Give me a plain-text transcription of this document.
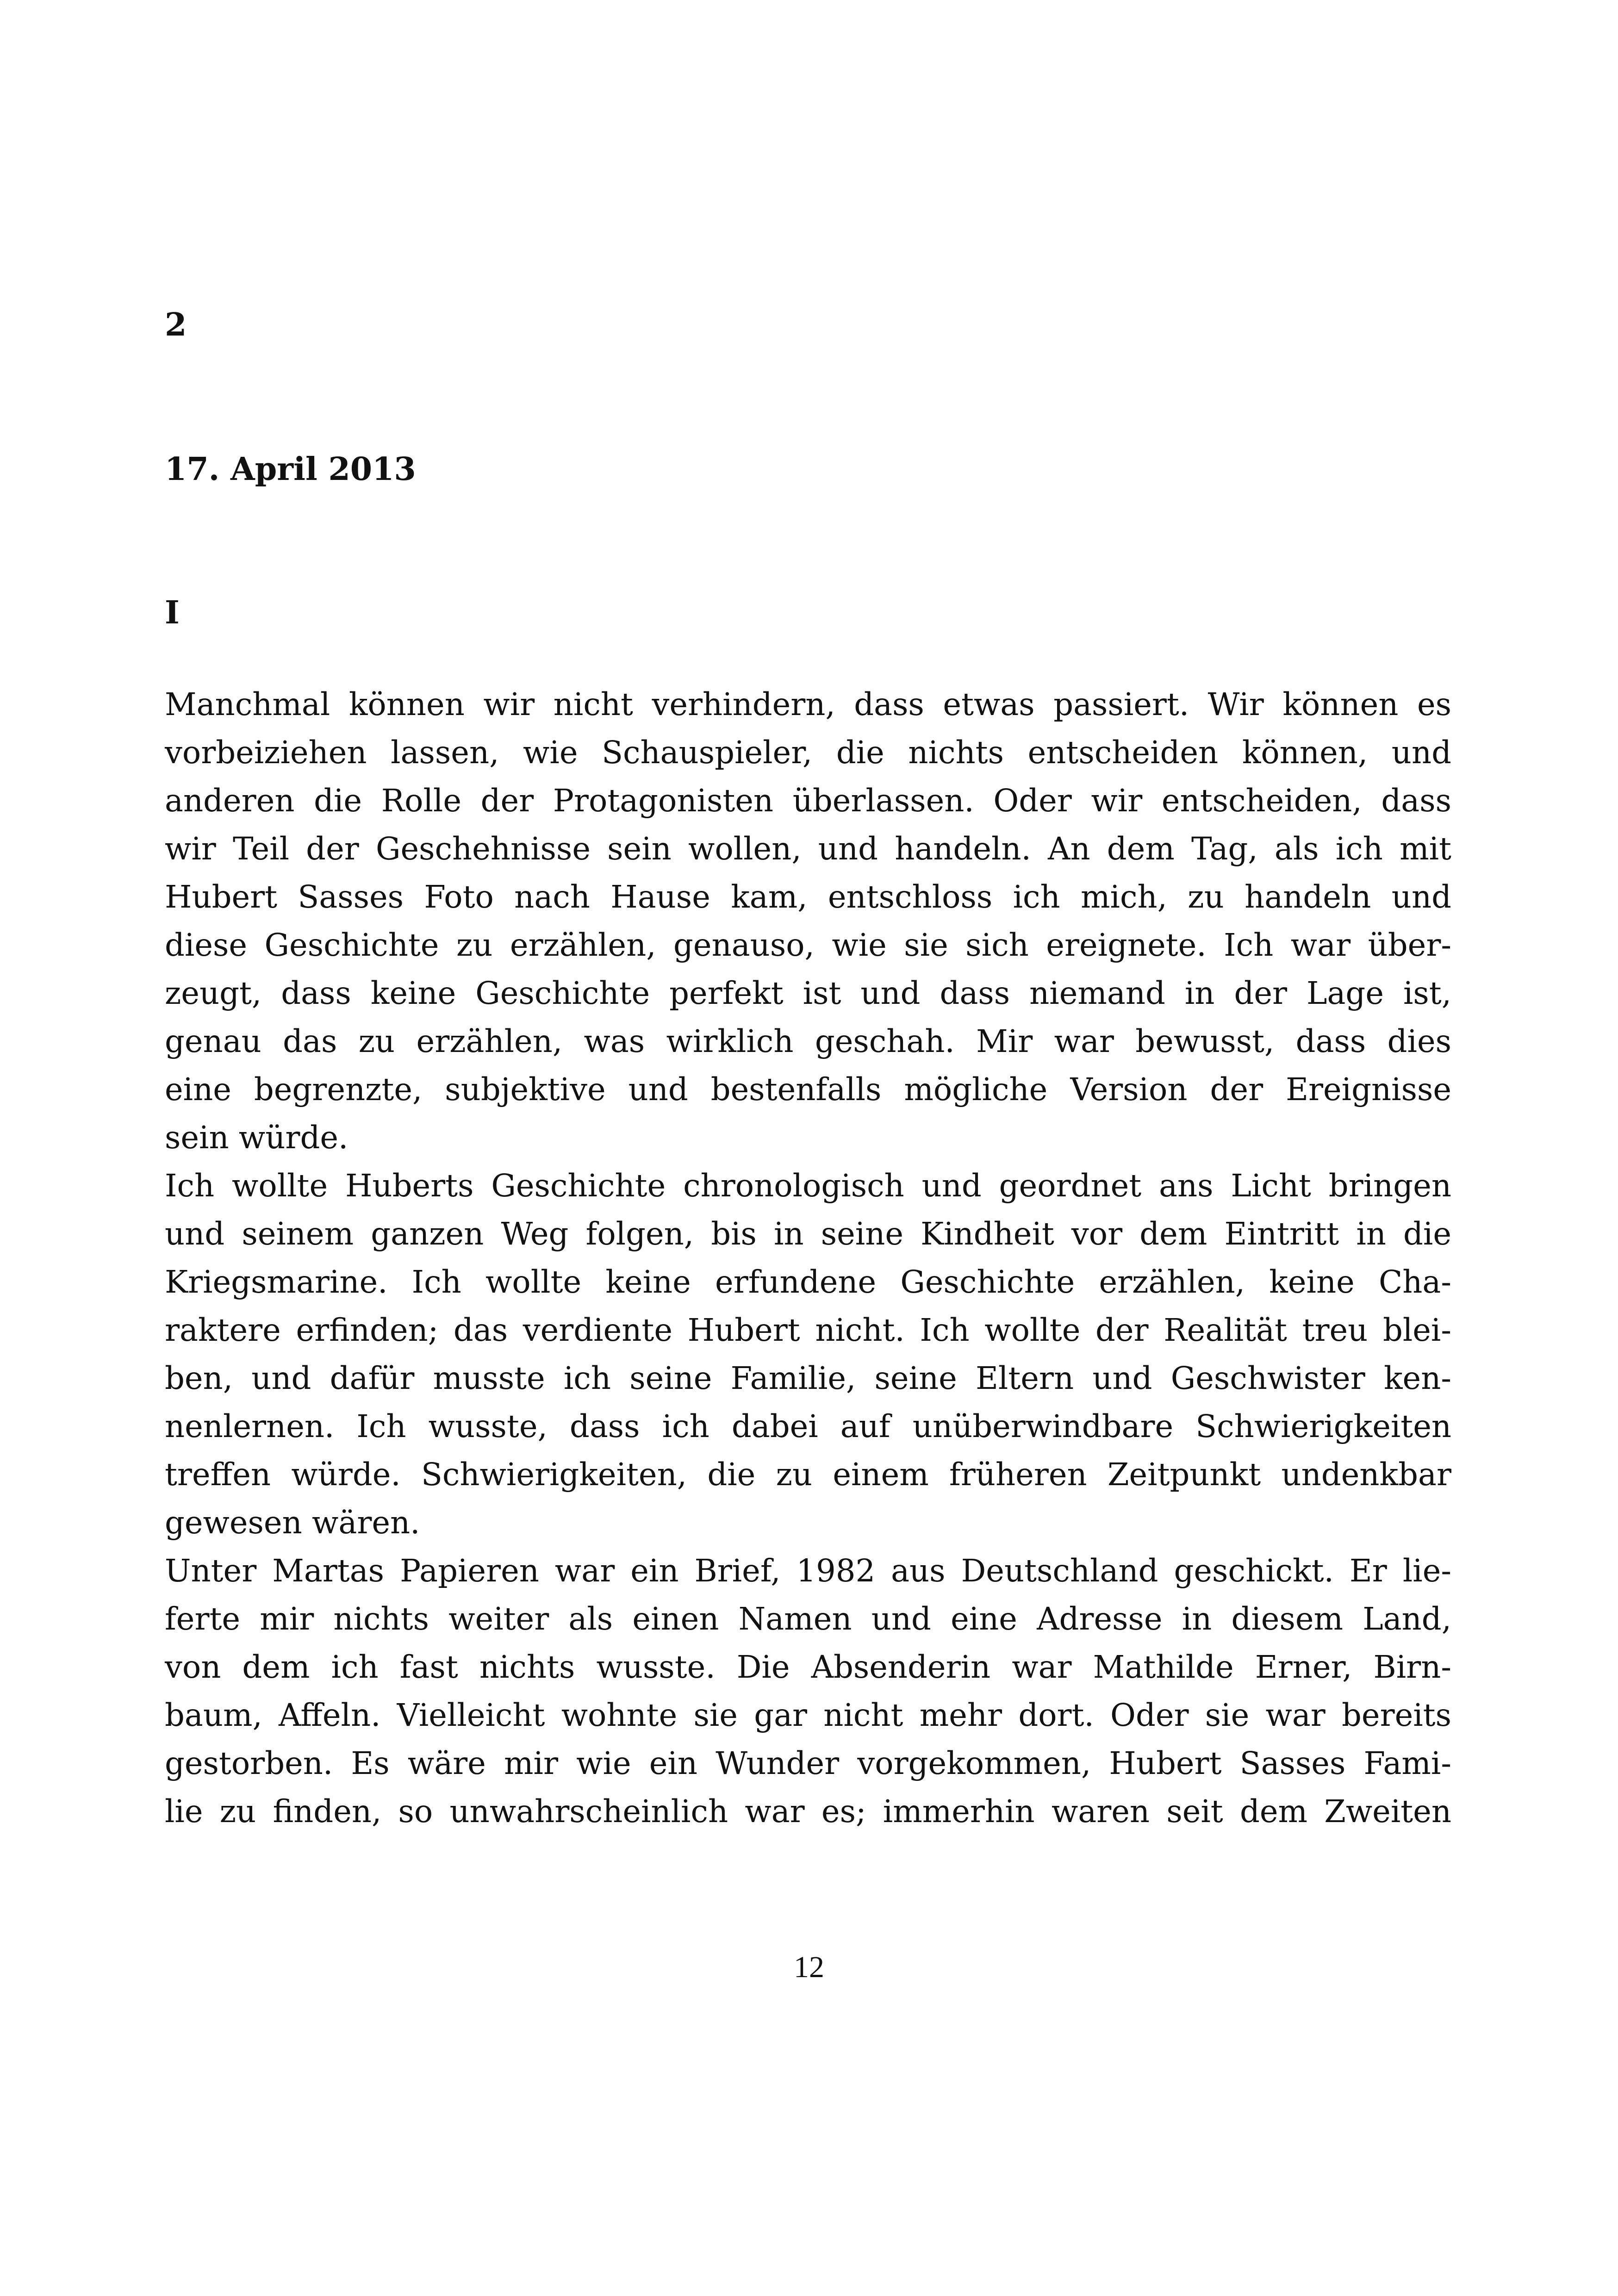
2
17. April 2013
I
Manchmal können wir nicht verhindern, dass etwas passiert. Wir können es
vorbeiziehen lassen, wie Schauspieler, die nichts entscheiden können, und
anderen die Rolle der Protagonisten überlassen. Oder wir entscheiden, dass
wir Teil der Geschehnisse sein wollen, und handeln. An dem Tag, als ich mit
Hubert Sasses Foto nach Hause kam, entschloss ich mich, zu handeln und
diese Geschichte zu erzählen, genauso, wie sie sich ereignete. Ich war über-
zeugt, dass keine Geschichte perfekt ist und dass niemand in der Lage ist,
genau das zu erzählen, was wirklich geschah. Mir war bewusst, dass dies
eine begrenzte, subjektive und bestenfalls mögliche Version der Ereignisse
sein würde.
Ich wollte Huberts Geschichte chronologisch und geordnet ans Licht bringen
und seinem ganzen Weg folgen, bis in seine Kindheit vor dem Eintritt in die
Kriegsmarine. Ich wollte keine erfundene Geschichte erzählen, keine Cha-
raktere erfinden; das verdiente Hubert nicht. Ich wollte der Realität treu blei-
ben, und dafür musste ich seine Familie, seine Eltern und Geschwister ken-
nenlernen. Ich wusste, dass ich dabei auf unüberwindbare Schwierigkeiten
treffen würde. Schwierigkeiten, die zu einem früheren Zeitpunkt undenkbar
gewesen wären.
Unter Martas Papieren war ein Brief, 1982 aus Deutschland geschickt. Er lie-
ferte mir nichts weiter als einen Namen und eine Adresse in diesem Land,
von dem ich fast nichts wusste. Die Absenderin war Mathilde Erner, Birn-
baum, Affeln. Vielleicht wohnte sie gar nicht mehr dort. Oder sie war bereits
gestorben. Es wäre mir wie ein Wunder vorgekommen, Hubert Sasses Fami-
lie zu finden, so unwahrscheinlich war es; immerhin waren seit dem Zweiten
12
